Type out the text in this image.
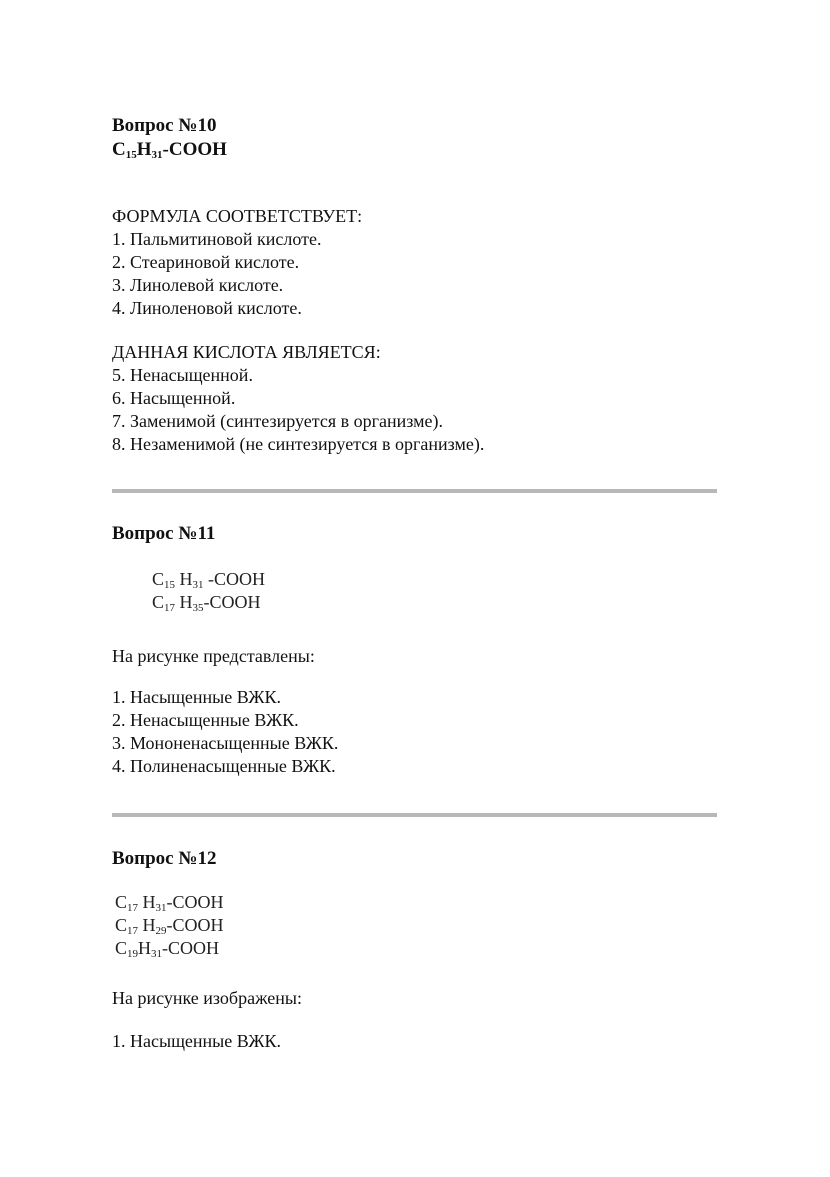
Вопрос №10
$C_{15}H_{31}$-COOH
ФОРМУЛА СООТВЕТСТВУЕТ:
1. Пальмитиновой кислоте.
2. Стеариновой кислоте.
3. Линолевой кислоте.
4. Линоленовой кислоте.
ДАННАЯ КИСЛОТА ЯВЛЯЕТСЯ:
5. Ненасыщенной.
6. Насыщенной.
7. Заменимой (синтезируется в организме).
8. Незаменимой (не синтезируется в организме).
Вопрос №11
$C_{15}$ $H_{31}$ -COOH
$C_{17}$ $H_{35}$-COOH
На рисунке представлены:
1. Насыщенные ВЖК.
2. Ненасыщенные ВЖК.
3. Мононенасыщенные ВЖК.
4. Полиненасыщенные ВЖК.
Вопрос №12
$C_{17}$ $H_{31}$-COOH
$C_{17}$ $H_{29}$-COOH
$C_{19}H_{31}$-COOH
На рисунке изображены:
1. Насыщенные ВЖК.
